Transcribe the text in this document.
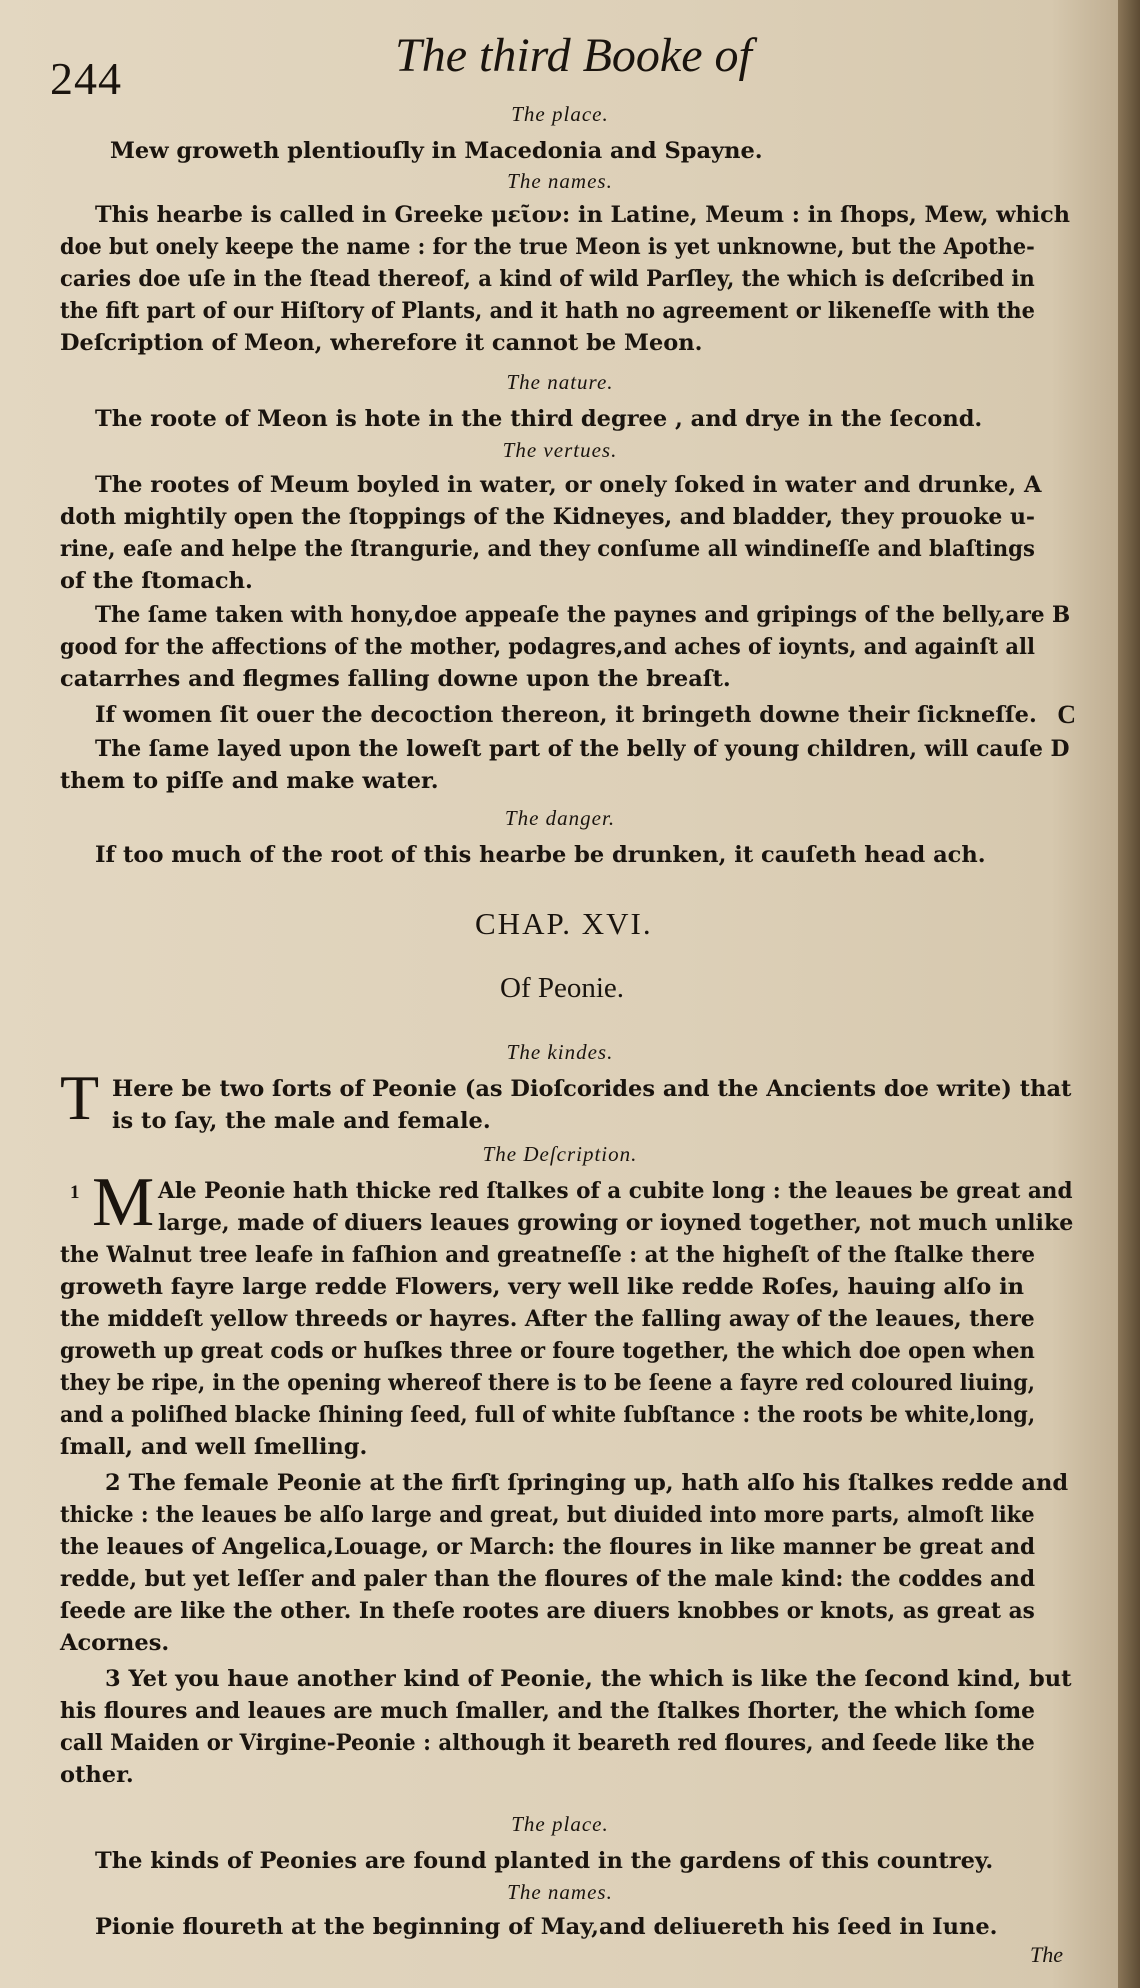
244	The third Booke of
The place.
Mew groweth plentiouſly in Macedonia and Spayne.
The names.
This hearbe is called in Greeke μεῖον: in Latine, Meum : in ſhops, Mew, which
doe but onely keepe the name : for the true Meon is yet unknowne, but the Apothe-
caries doe uſe in the ſtead thereof, a kind of wild Parſley, the which is deſcribed in
the fift part of our Hiſtory of Plants, and it hath no agreement or likeneſſe with the
Deſcription of Meon, wherefore it cannot be Meon.
The nature.
The roote of Meon is hote in the third degree , and drye in the ſecond.
The vertues.
The rootes of Meum boyled in water, or onely ſoked in water and drunke, A
doth mightily open the ſtoppings of the Kidneyes, and bladder, they prouoke u-
rine, eaſe and helpe the ſtrangurie, and they conſume all windineſſe and blaſtings
of the ſtomach.
The ſame taken with hony,doe appeaſe the paynes and gripings of the belly,are B
good for the affections of the mother, podagres,and aches of ioynts, and againſt all
catarrhes and flegmes falling downe upon the breaſt.
If women ſit ouer the decoction thereon, it bringeth downe their ſickneſſe. C
The ſame layed upon the loweſt part of the belly of young children, will cauſe D
them to piſſe and make water.
The danger.
If too much of the root of this hearbe be drunken, it cauſeth head ach.
CHAP. XVI.
Of Peonie.
The kindes.
T Here be two ſorts of Peonie (as Dioſcorides and the Ancients doe write) that
is to ſay, the male and female.
The Deſcription.
1 M Ale Peonie hath thicke red ſtalkes of a cubite long : the leaues be great and
large, made of diuers leaues growing or ioyned together, not much unlike
the Walnut tree leafe in faſhion and greatneſſe : at the higheſt of the ſtalke there
groweth fayre large redde Flowers, very well like redde Roſes, hauing alſo in
the middeſt yellow threeds or hayres. After the falling away of the leaues, there
groweth up great cods or huſkes three or foure together, the which doe open when
they be ripe, in the opening whereof there is to be ſeene a fayre red coloured liuing,
and a poliſhed blacke ſhining ſeed, full of white ſubſtance : the roots be white,long,
ſmall, and well ſmelling.
2 The female Peonie at the firſt ſpringing up, hath alſo his ſtalkes redde and
thicke : the leaues be alſo large and great, but diuided into more parts, almoſt like
the leaues of Angelica,Louage, or March: the floures in like manner be great and
redde, but yet leſſer and paler than the floures of the male kind: the coddes and
ſeede are like the other. In theſe rootes are diuers knobbes or knots, as great as
Acornes.
3 Yet you haue another kind of Peonie, the which is like the ſecond kind, but
his floures and leaues are much ſmaller, and the ſtalkes ſhorter, the which ſome
call Maiden or Virgine-Peonie : although it beareth red floures, and ſeede like the
other.
The place.
The kinds of Peonies are found planted in the gardens of this countrey.
The names.
Pionie floureth at the beginning of May,and deliuereth his ſeed in Iune.
The
